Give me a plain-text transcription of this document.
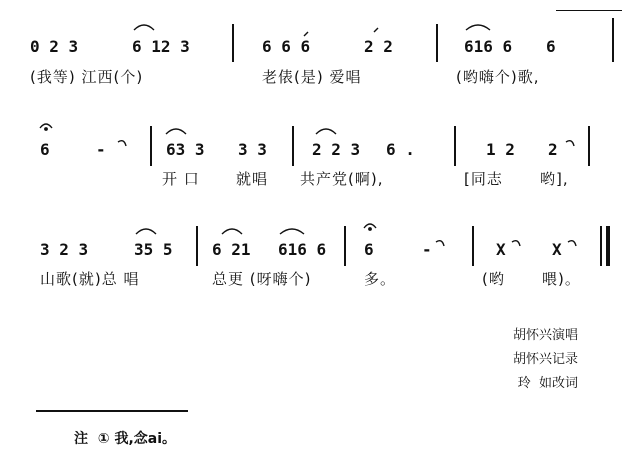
0 2 3	6 12 3	6 6 6	2 2	616 6 6
(我等) 江西(个)	老俵(是) 爱唱	(哟嗨个)歌,
6	-	63 3 3 3	2 2 3 6 .	1 2 2
开 口 就唱 共产党(啊),	[同志 哟],
3 2 3	35 5 6 21 616 6 6	-	X	X
山歌(就)总 唱	总更 (呀嗨个)	多。	(哟 喂)。
胡怀兴演唱
胡怀兴记录
玲  如改词
注  ① 我,念ai。
